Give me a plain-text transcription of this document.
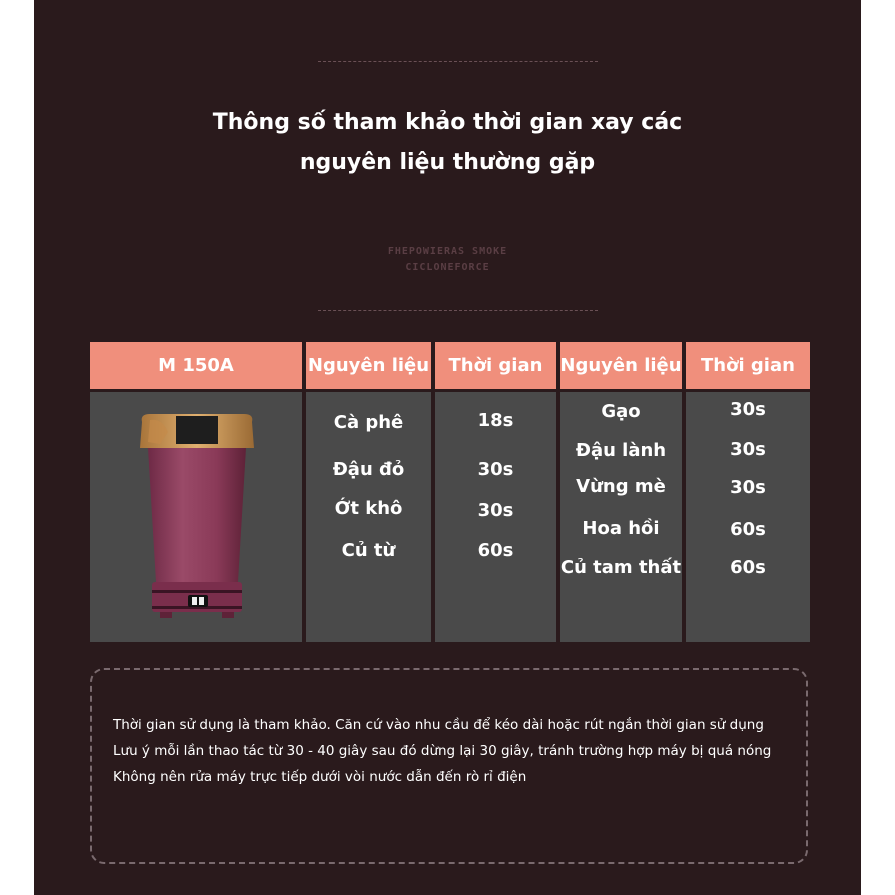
Thông số tham khảo thời gian xay các
nguyên liệu thường gặp
FHEPOWIERAS SMOKE
CICLONEFORCE
M 150A	Nguyên liệu Thời gian Nguyên liệu Thời gian
Cà phê
Đậu đỏ
Ớt khô
Củ từ
18s
30s
30s
60s
Gạo
Đậu lành
Vừng mè
Hoa hồi
Củ tam thất
30s
30s
30s
60s
60s
Thời gian sử dụng là tham khảo. Căn cứ vào nhu cầu để kéo dài hoặc rút ngắn thời gian sử dụng
Lưu ý mỗi lần thao tác từ 30 - 40 giây sau đó dừng lại 30 giây, tránh trường hợp máy bị quá nóng
Không nên rửa máy trực tiếp dưới vòi nước dẫn đến rò rỉ điện
